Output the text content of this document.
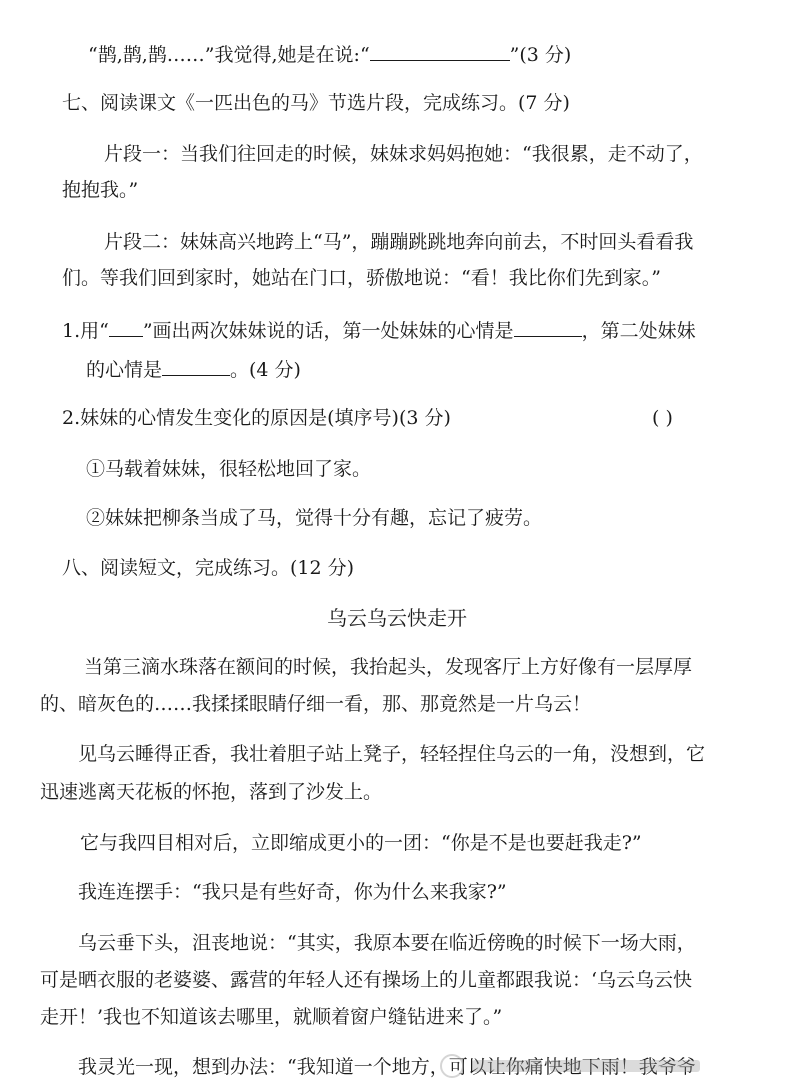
“鹊,鹊,鹊……”我觉得,她是在说:“	”(3 分)
七、阅读课文《一匹出色的马》节选片段，完成练习。(7 分)
片段一：当我们往回走的时候，妹妹求妈妈抱她：“我很累，走不动了，
抱抱我。”
片段二：妹妹高兴地跨上“马”，蹦蹦跳跳地奔向前去，不时回头看看我
们。等我们回到家时，她站在门口，骄傲地说：“看！我比你们先到家。”
1.用“ ”画出两次妹妹说的话，第一处妹妹的心情是	，第二处妹妹
的心情是	。(4 分)
2.妹妹的心情发生变化的原因是(填序号)(3 分)	( )
①马载着妹妹，很轻松地回了家。
②妹妹把柳条当成了马，觉得十分有趣，忘记了疲劳。
八、阅读短文，完成练习。(12 分)
乌云乌云快走开
当第三滴水珠落在额间的时候，我抬起头，发现客厅上方好像有一层厚厚
的、暗灰色的……我揉揉眼睛仔细一看，那、那竟然是一片乌云！
见乌云睡得正香，我壮着胆子站上凳子，轻轻捏住乌云的一角，没想到，它
迅速逃离天花板的怀抱，落到了沙发上。
它与我四目相对后，立即缩成更小的一团：“你是不是也要赶我走?”
我连连摆手：“我只是有些好奇，你为什么来我家?”
乌云垂下头，沮丧地说：“其实，我原本要在临近傍晚的时候下一场大雨，
可是晒衣服的老婆婆、露营的年轻人还有操场上的儿童都跟我说：‘乌云乌云快
走开！’我也不知道该去哪里，就顺着窗户缝钻进来了。”
我灵光一现，想到办法：“我知道一个地方，可以让你痛快地下雨！我爷爷
